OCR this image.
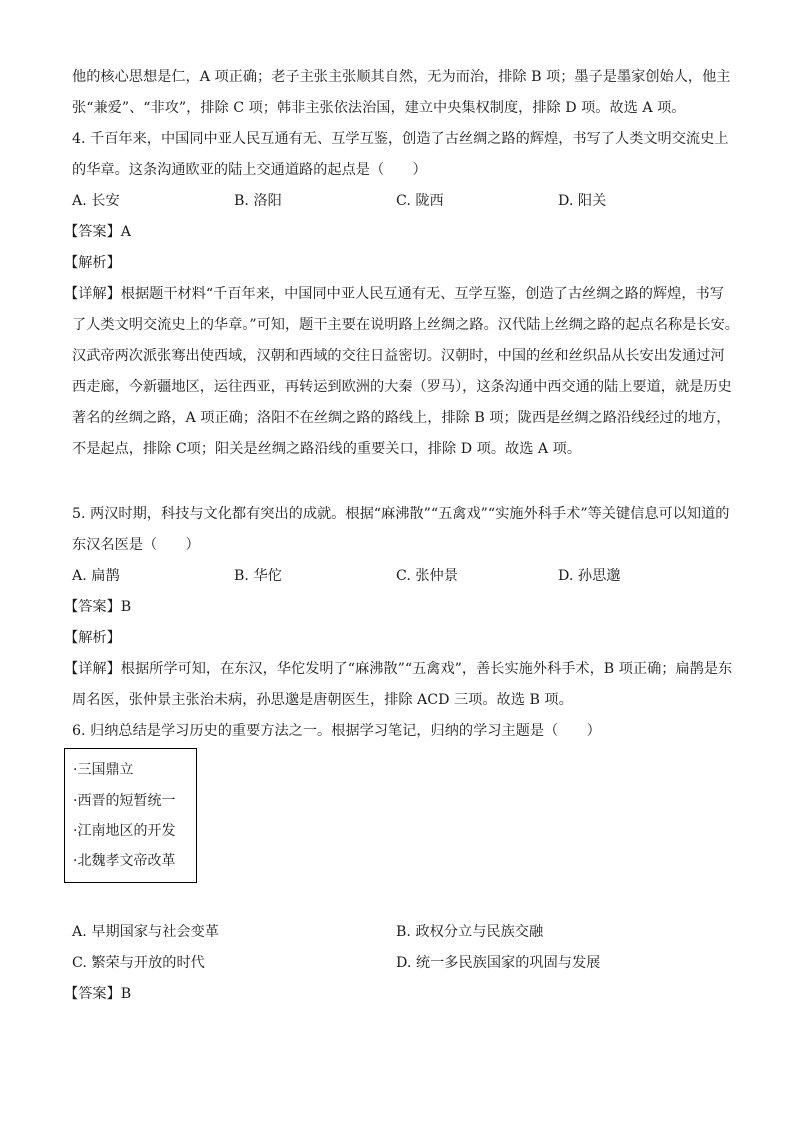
他的核心思想是仁，A 项正确；老子主张主张顺其自然，无为而治，排除 B 项；墨子是墨家创始人，他主
张“兼爱”、“非攻”，排除 C 项；韩非主张依法治国，建立中央集权制度，排除 D 项。故选 A 项。
4. 千百年来，中国同中亚人民互通有无、互学互鉴，创造了古丝绸之路的辉煌，书写了人类文明交流史上
的华章。这条沟通欧亚的陆上交通道路的起点是（　　）
A. 长安	B. 洛阳	C. 陇西	D. 阳关
【答案】A
【解析】
【详解】根据题干材料“千百年来，中国同中亚人民互通有无、互学互鉴，创造了古丝绸之路的辉煌，书写
了人类文明交流史上的华章。”可知，题干主要在说明路上丝绸之路。汉代陆上丝绸之路的起点名称是长安。
汉武帝两次派张骞出使西域，汉朝和西域的交往日益密切。汉朝时，中国的丝和丝织品从长安出发通过河
西走廊，今新疆地区，运往西亚，再转运到欧洲的大秦（罗马），这条沟通中西交通的陆上要道，就是历史
著名的丝绸之路，A 项正确；洛阳不在丝绸之路的路线上，排除 B 项；陇西是丝绸之路沿线经过的地方，
不是起点，排除 C项；阳关是丝绸之路沿线的重要关口，排除 D 项。故选 A 项。
5. 两汉时期，科技与文化都有突出的成就。根据“麻沸散”“五禽戏”“实施外科手术”等关键信息可以知道的
东汉名医是（　　）
A. 扁鹊	B. 华佗	C. 张仲景	D. 孙思邈
【答案】B
【解析】
【详解】根据所学可知，在东汉，华佗发明了“麻沸散”“五禽戏”，善长实施外科手术，B 项正确；扁鹊是东
周名医，张仲景主张治未病，孙思邈是唐朝医生，排除 ACD 三项。故选 B 项。
6. 归纳总结是学习历史的重要方法之一。根据学习笔记，归纳的学习主题是（　　）
·三国鼎立
·西晋的短暂统一
·江南地区的开发
·北魏孝文帝改革
A. 早期国家与社会变革	B. 政权分立与民族交融
C. 繁荣与开放的时代	D. 统一多民族国家的巩固与发展
【答案】B
